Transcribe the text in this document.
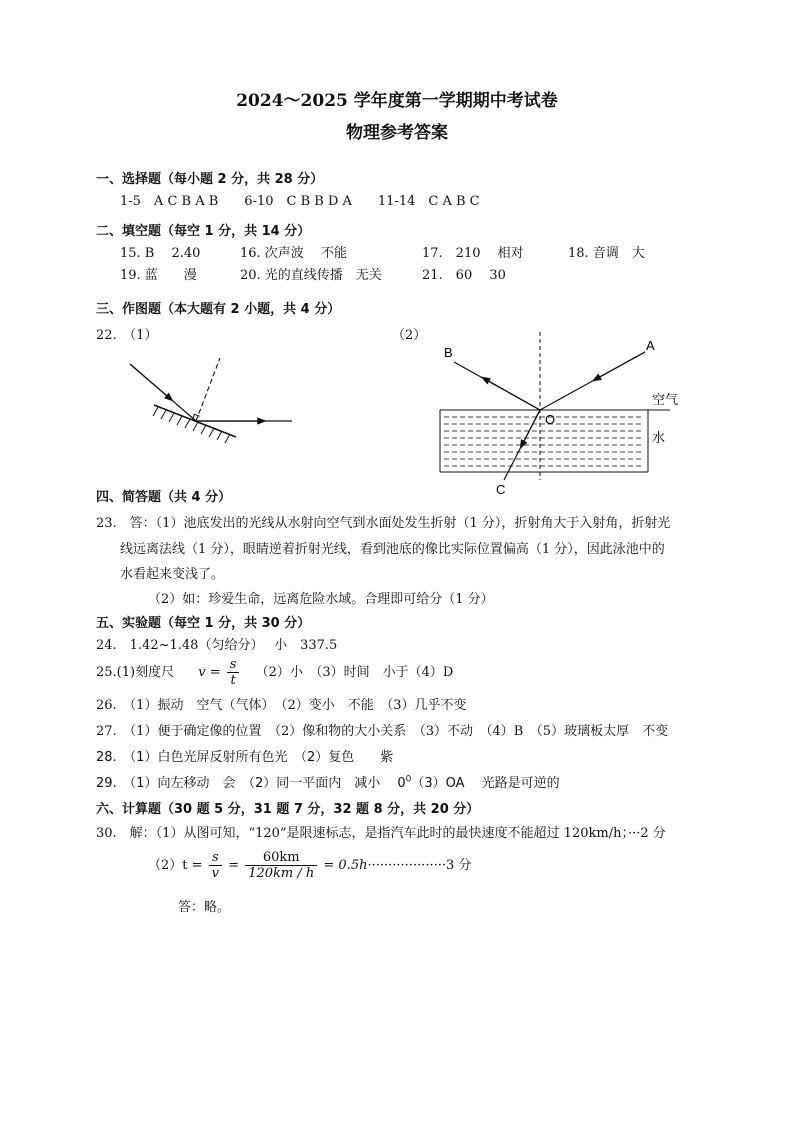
2024～2025 学年度第一学期期中考试卷
物理参考答案
一、选择题（每小题 2 分，共 28 分）
1-5　A C B A B　　6-10　C B B D A　　11-14　C A B C
二、填空题（每空 1 分，共 14 分）
15. B　 2.40	16. 次声波　 不能	17.　210　 相对	18. 音调　大
19. 蓝　　漫	20. 光的直线传播　无关	21.　60　 30
三、作图题（本大题有 2 小题，共 4 分）
22.　（1）	（2）
B	A
O
C
空气
水
四、简答题（共 4 分）
23.　答：（1）池底发出的光线从水射向空气到水面处发生折射（1 分），折射角大于入射角，折射光
线远离法线（1 分），眼睛逆着折射光线，看到池底的像比实际位置偏高（1 分），因此泳池中的
水看起来变浅了。
（2）如：珍爱生命，远离危险水域。合理即可给分（1 分）
五、实验题（每空 1 分，共 30 分）
24.　1.42~1.48（匀给分）　 小　337.5
25.(1)刻度尺 $v = \frac{s}{t} (2)$小　（3）时间　小于（4）D
26.　（1）振动　空气（气体）　（2）变小　不能　（3）几乎不变
27.　（1）便于确定像的位置　（2）像和物的大小关系　（3）不动　（4）B　（5）玻璃板太厚　不变
28.　（1）白色光屏反射所有色光　（2）复色　　紫
29.　（1）向左移动　会　（2）同一平面内　减小　 $0^0(3)OA$　 光路是可逆的
六、计算题（30 题 5 分，31 题 7 分，32 题 8 分，共 20 分）
30.　解：（1）从图可知，“120”是限速标志，是指汽车此时的最快速度不能超过 120km/h；···2 分
$(2)t = \frac{s}{v} = \frac{60km}{120km / h} = 0.5h\cdot\cdot\cdot\cdot\cdot\cdot\cdot\cdot\cdot\cdot\cdot\cdot\cdot\cdot\cdot\cdot\cdot\cdot\cdot 3$ 分
答：略。
